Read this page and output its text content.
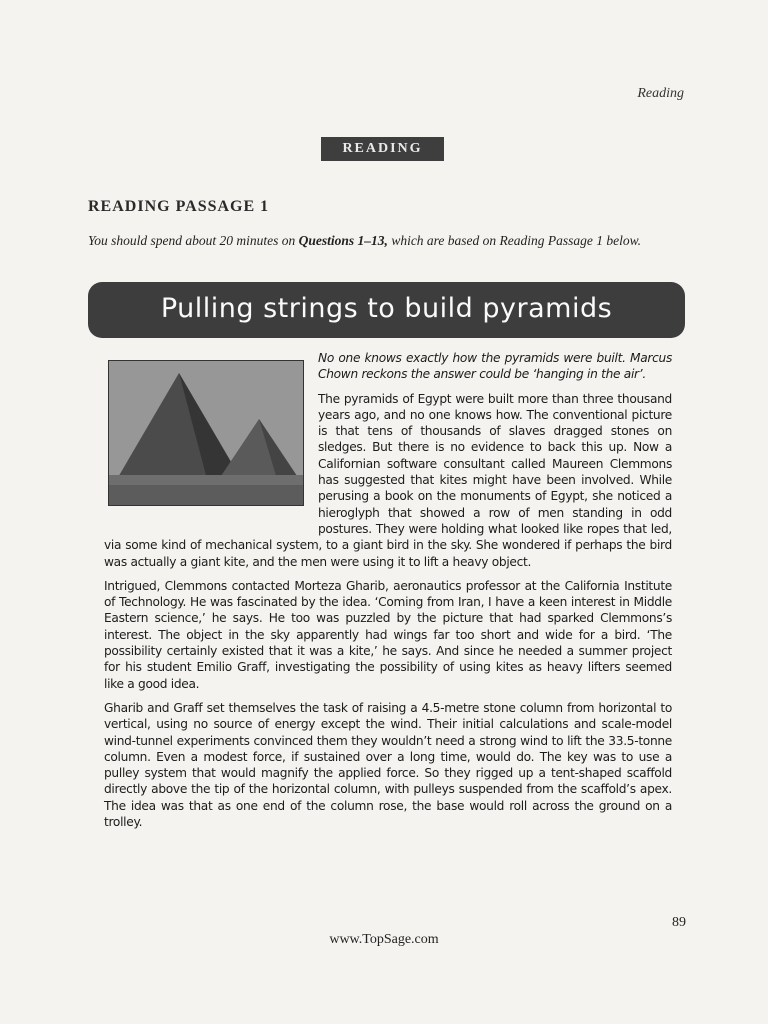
Reading
READING
READING PASSAGE 1
You should spend about 20 minutes on Questions 1–13, which are based on Reading Passage 1 below.
Pulling strings to build pyramids

No one knows exactly how the pyramids were built. Marcus Chown reckons the answer could be ‘hanging in the air’.

The pyramids of Egypt were built more than three thousand years ago, and no one knows how. The conventional picture is that tens of thousands of slaves dragged stones on sledges. But there is no evidence to back this up. Now a Californian software consultant called Maureen Clemmons has suggested that kites might have been involved. While perusing a book on the monuments of Egypt, she noticed a hieroglyph that showed a row of men standing in odd postures. They were holding what looked like ropes that led, via some kind of mechanical system, to a giant bird in the sky. She wondered if perhaps the bird was actually a giant kite, and the men were using it to lift a heavy object.

Intrigued, Clemmons contacted Morteza Gharib, aeronautics professor at the California Institute of Technology. He was fascinated by the idea. ‘Coming from Iran, I have a keen interest in Middle Eastern science,’ he says. He too was puzzled by the picture that had sparked Clemmons’s interest. The object in the sky apparently had wings far too short and wide for a bird. ‘The possibility certainly existed that it was a kite,’ he says. And since he needed a summer project for his student Emilio Graff, investigating the possibility of using kites as heavy lifters seemed like a good idea.

Gharib and Graff set themselves the task of raising a 4.5-metre stone column from horizontal to vertical, using no source of energy except the wind. Their initial calculations and scale-model wind-tunnel experiments convinced them they wouldn’t need a strong wind to lift the 33.5-tonne column. Even a modest force, if sustained over a long time, would do. The key was to use a pulley system that would magnify the applied force. So they rigged up a tent-shaped scaffold directly above the tip of the horizontal column, with pulleys suspended from the scaffold’s apex. The idea was that as one end of the column rose, the base would roll across the ground on a trolley.

89
www.TopSage.com
